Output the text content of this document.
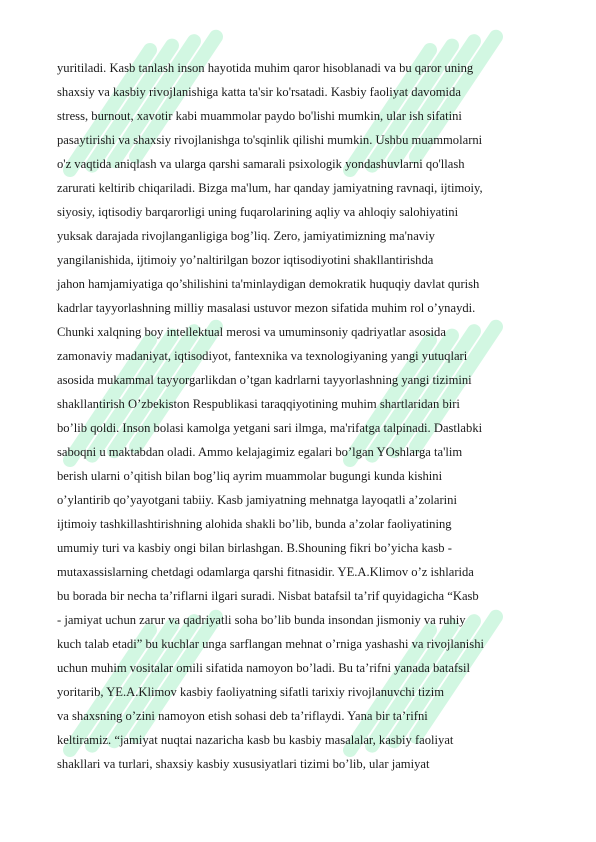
yuritiladi. Kasb tanlash inson hayotida muhim qaror hisoblanadi va bu qaror uning
shaxsiy va kasbiy rivojlanishiga katta ta'sir ko'rsatadi. Kasbiy faoliyat davomida
stress, burnout, xavotir kabi muammolar paydo bo'lishi mumkin, ular ish sifatini
pasaytirishi va shaxsiy rivojlanishga to'sqinlik qilishi mumkin. Ushbu muammolarni
o'z vaqtida aniqlash va ularga qarshi samarali psixologik yondashuvlarni qo'llash
zarurati keltirib chiqariladi. Bizga ma'lum, har qanday jamiyatning ravnaqi, ijtimoiy,
siyosiy, iqtisodiy barqarorligi uning fuqarolarining aqliy va ahloqiy salohiyatini
yuksak darajada rivojlanganligiga bog’liq. Zero, jamiyatimizning ma'naviy
yangilanishida, ijtimoiy yo’naltirilgan bozor iqtisodiyotini shakllantirishda
jahon hamjamiyatiga qo’shilishini ta'minlaydigan demokratik huquqiy davlat qurish
kadrlar tayyorlashning milliy masalasi ustuvor mezon sifatida muhim rol o’ynaydi.
Chunki xalqning boy intellektual merosi va umuminsoniy qadriyatlar asosida
zamonaviy madaniyat, iqtisodiyot, fantexnika va texnologiyaning yangi yutuqlari
asosida mukammal tayyorgarlikdan o’tgan kadrlarni tayyorlashning yangi tizimini
shakllantirish O’zbekiston Respublikasi taraqqiyotining muhim shartlaridan biri
bo’lib qoldi. Inson bolasi kamolga yetgani sari ilmga, ma'rifatga talpinadi. Dastlabki
saboqni u maktabdan oladi. Ammo kelajagimiz egalari bo’lgan YOshlarga ta'lim
berish ularni o’qitish bilan bog’liq ayrim muammolar bugungi kunda kishini
o’ylantirib qo’yayotgani tabiiy. Kasb jamiyatning mehnatga layoqatli a’zolarini
ijtimoiy tashkillashtirishning alohida shakli bo’lib, bunda a’zolar faoliyatining
umumiy turi va kasbiy ongi bilan birlashgan. B.Shouning fikri bo’yicha kasb -
mutaxassislarning chetdagi odamlarga qarshi fitnasidir. YE.A.Klimov o’z ishlarida
bu borada bir necha ta’riflarni ilgari suradi. Nisbat batafsil ta’rif quyidagicha “Kasb
- jamiyat uchun zarur va qadriyatli soha bo’lib bunda insondan jismoniy va ruhiy
kuch talab etadi” bu kuchlar unga sarflangan mehnat o’rniga yashashi va rivojlanishi
uchun muhim vositalar omili sifatida namoyon bo’ladi. Bu ta’rifni yanada batafsil
yoritarib, YE.A.Klimov kasbiy faoliyatning sifatli tarixiy rivojlanuvchi tizim
va shaxsning o’zini namoyon etish sohasi deb ta’riflaydi. Yana bir ta’rifni
keltiramiz. “jamiyat nuqtai nazaricha kasb bu kasbiy masalalar, kasbiy faoliyat
shakllari va turlari, shaxsiy kasbiy xususiyatlari tizimi bo’lib, ular jamiyat
